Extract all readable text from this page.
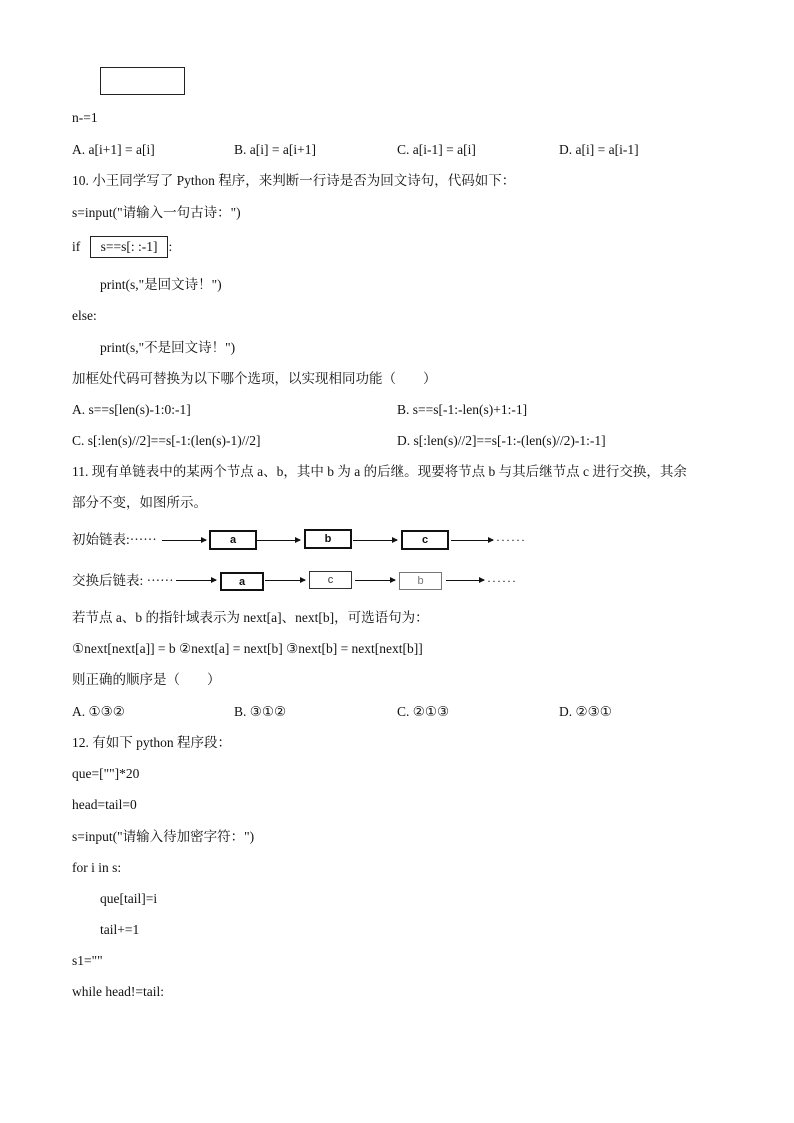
n-=1
A. a[i+1] = a[i]	B. a[i] = a[i+1]	C. a[i-1] = a[i]	D. a[i] = a[i-1]
10. 小王同学写了 Python 程序，来判断一行诗是否为回文诗句，代码如下：
s=input("请输入一句古诗：")
if s==s[: :-1] :
print(s,"是回文诗！")
else:
print(s,"不是回文诗！")
加框处代码可替换为以下哪个选项，以实现相同功能（　　）
A. s==s[len(s)-1:0:-1]	B. s==s[-1:-len(s)+1:-1]
C. s[:len(s)//2]==s[-1:(len(s)-1)//2]	D. s[:len(s)//2]==s[-1:-(len(s)//2)-1:-1]
11. 现有单链表中的某两个节点 a、b，其中 b 为 a 的后继。现要将节点 b 与其后继节点 c 进行交换，其余
部分不变，如图所示。
初始链表:······	a	b	c	······
交换后链表: ······	a	c	b	······
若节点 a、b 的指针域表示为 next[a]、next[b]，可选语句为：
①next[next[a]] = b ②next[a] = next[b] ③next[b] = next[next[b]]
则正确的顺序是（　　）
A. ①③②	B. ③①②	C. ②①③	D. ②③①
12. 有如下 python 程序段：
que=[""]*20
head=tail=0
s=input("请输入待加密字符：")
for i in s:
que[tail]=i
tail+=1
s1=""
while head!=tail:
